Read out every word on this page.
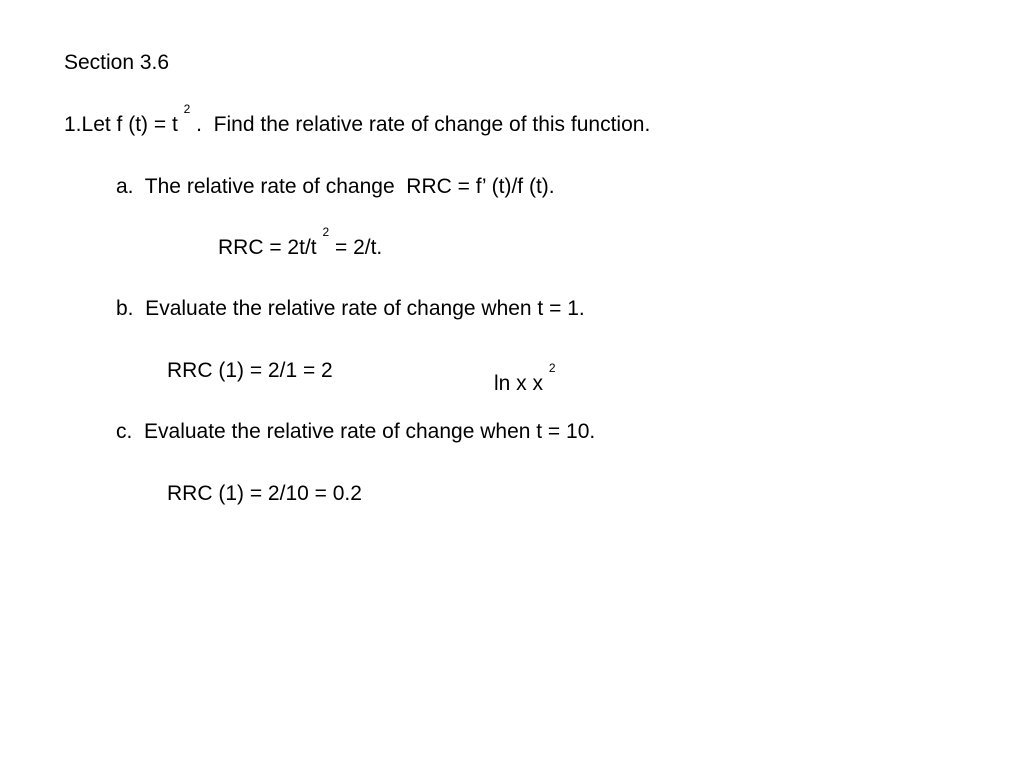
Section 3.6

1.Let f (t) = t $^2$ .  Find the relative rate of change of this function.

a.  The relative rate of change  RRC = f’ (t)/f (t).

RRC = 2t/t $^2$ = 2/t.

b.  Evaluate the relative rate of change when t = 1.

RRC (1) = 2/1 = 2

ln x x $^2$

c.  Evaluate the relative rate of change when t = 10.

RRC (1) = 2/10 = 0.2
